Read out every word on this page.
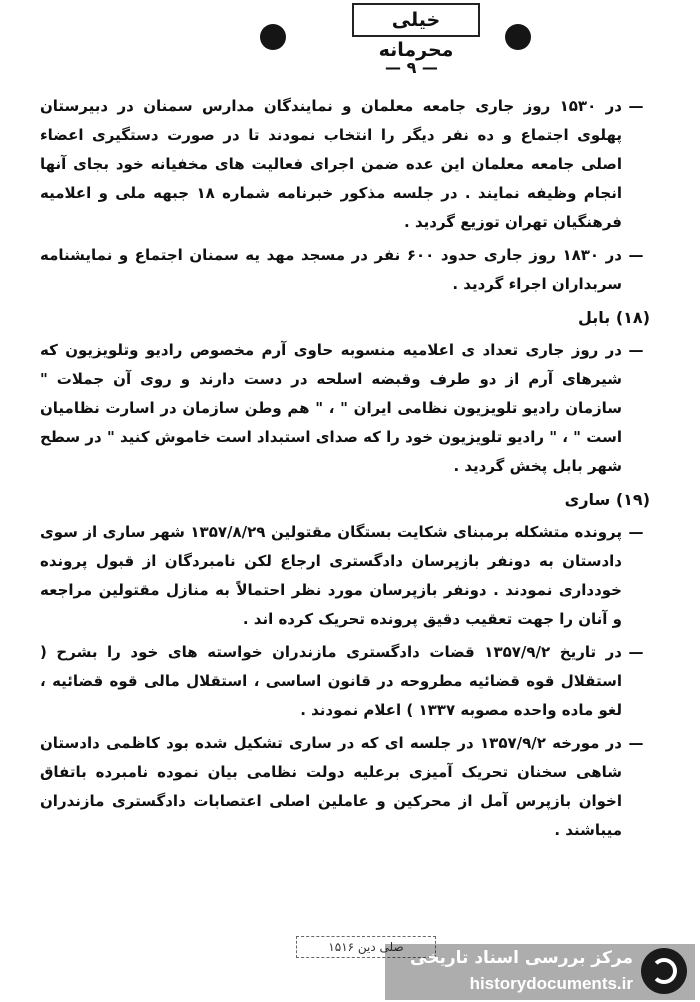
خیلی محرمانه
— ۹ —
—
در ۱۵۳۰ روز جاری جامعه معلمان و نمایندگان مدارس سمنان در دبیرستان پهلوی اجتماع و ده نفر دیگر را انتخاب نمودند تا در صورت دستگیری اعضاء اصلی جامعه معلمان این عده ضمن اجرای فعالیت های مخفیانه خود بجای آنها انجام وظیفه نمایند . در جلسه مذکور خبرنامه شماره ۱۸ جبهه ملی و اعلامیه فرهنگیان تهران توزیع گردید .
—
در ۱۸۳۰ روز جاری حدود ۶۰۰ نفر در مسجد مهد یه سمنان اجتماع و نمایشنامه سربداران اجراء گردید .
(۱۸) بابل
—
در روز جاری تعداد ی اعلامیه منسوبه حاوی آرم مخصوص رادیو وتلویزیون که شیرهای آرم از دو طرف وقبضه اسلحه در دست دارند و روی آن جملات " سازمان رادیو تلویزیون نظامی ایران " ، " هم وطن سازمان در اسارت نظامیان است " ، " رادیو تلویزیون خود را که صدای استبداد است خاموش کنید " در سطح شهر بابل پخش گردید .
(۱۹) ساری
—
پرونده متشکله برمبنای شکایت بستگان مقتولین ۱۳۵۷/۸/۲۹ شهر ساری از سوی دادستان به دونفر بازپرسان دادگستری ارجاع لکن نامبردگان از قبول پرونده خودداری نمودند . دونفر بازپرسان مورد نظر احتمالاً به منازل مقتولین مراجعه و آنان را جهت تعقیب دقیق پرونده تحریک کرده اند .
—
در تاریخ ۱۳۵۷/۹/۲ قضات دادگستری مازندران خواسته های خود را بشرح ( استقلال قوه قضائیه مطروحه در قانون اساسی ، استقلال مالی قوه قضائیه ، لغو ماده واحده مصوبه ۱۳۳۷ ) اعلام نمودند .
—
در مورخه ۱۳۵۷/۹/۲ در جلسه ای که در ساری تشکیل شده بود کاظمی دادستان شاهی سخنان تحریک آمیزی برعلیه دولت نظامی بیان نموده نامبرده باتفاق اخوان بازپرس آمل از محرکین و عاملین اصلی اعتصابات دادگستری مازندران میباشند .
صلی دین ۱۵۱۶
مرکز بررسی اسناد تاریخی
historydocuments.ir
